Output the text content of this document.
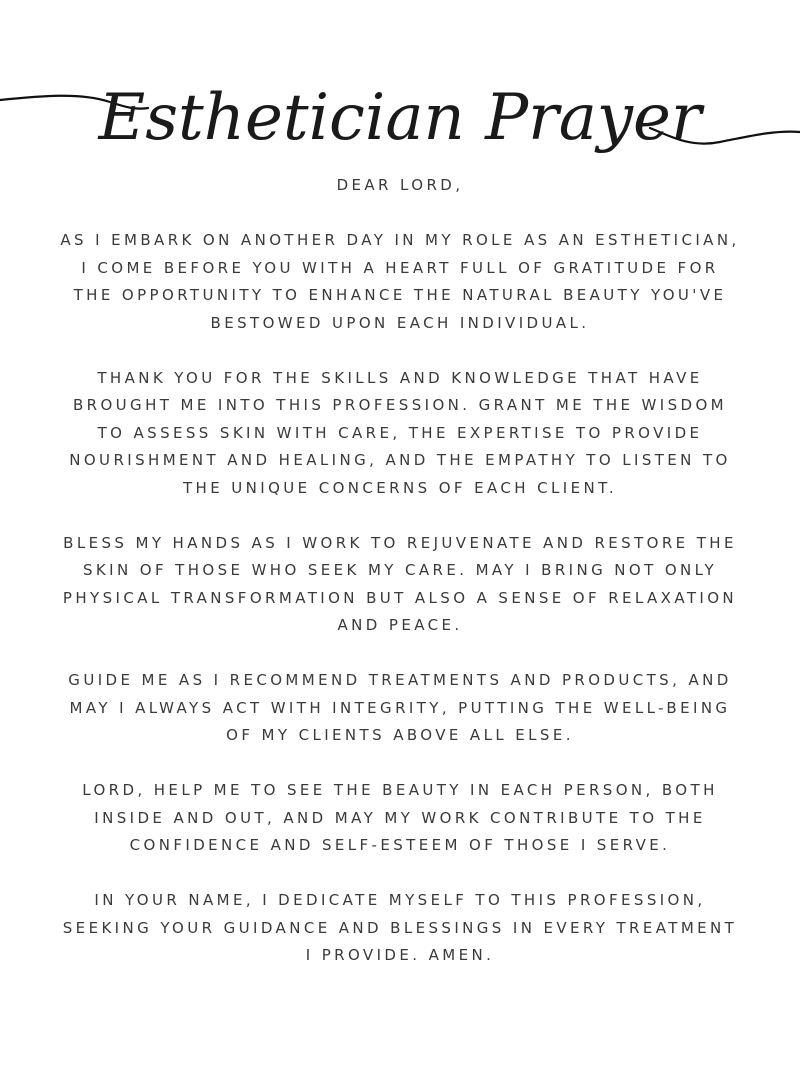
Esthetician Prayer

DEAR LORD,

AS I EMBARK ON ANOTHER DAY IN MY ROLE AS AN ESTHETICIAN, I COME BEFORE YOU WITH A HEART FULL OF GRATITUDE FOR THE OPPORTUNITY TO ENHANCE THE NATURAL BEAUTY YOU'VE BESTOWED UPON EACH INDIVIDUAL.

THANK YOU FOR THE SKILLS AND KNOWLEDGE THAT HAVE BROUGHT ME INTO THIS PROFESSION. GRANT ME THE WISDOM TO ASSESS SKIN WITH CARE, THE EXPERTISE TO PROVIDE NOURISHMENT AND HEALING, AND THE EMPATHY TO LISTEN TO THE UNIQUE CONCERNS OF EACH CLIENT.

BLESS MY HANDS AS I WORK TO REJUVENATE AND RESTORE THE SKIN OF THOSE WHO SEEK MY CARE. MAY I BRING NOT ONLY PHYSICAL TRANSFORMATION BUT ALSO A SENSE OF RELAXATION AND PEACE.

GUIDE ME AS I RECOMMEND TREATMENTS AND PRODUCTS, AND MAY I ALWAYS ACT WITH INTEGRITY, PUTTING THE WELL-BEING OF MY CLIENTS ABOVE ALL ELSE.

LORD, HELP ME TO SEE THE BEAUTY IN EACH PERSON, BOTH INSIDE AND OUT, AND MAY MY WORK CONTRIBUTE TO THE CONFIDENCE AND SELF-ESTEEM OF THOSE I SERVE.

IN YOUR NAME, I DEDICATE MYSELF TO THIS PROFESSION, SEEKING YOUR GUIDANCE AND BLESSINGS IN EVERY TREATMENT I PROVIDE. AMEN.
